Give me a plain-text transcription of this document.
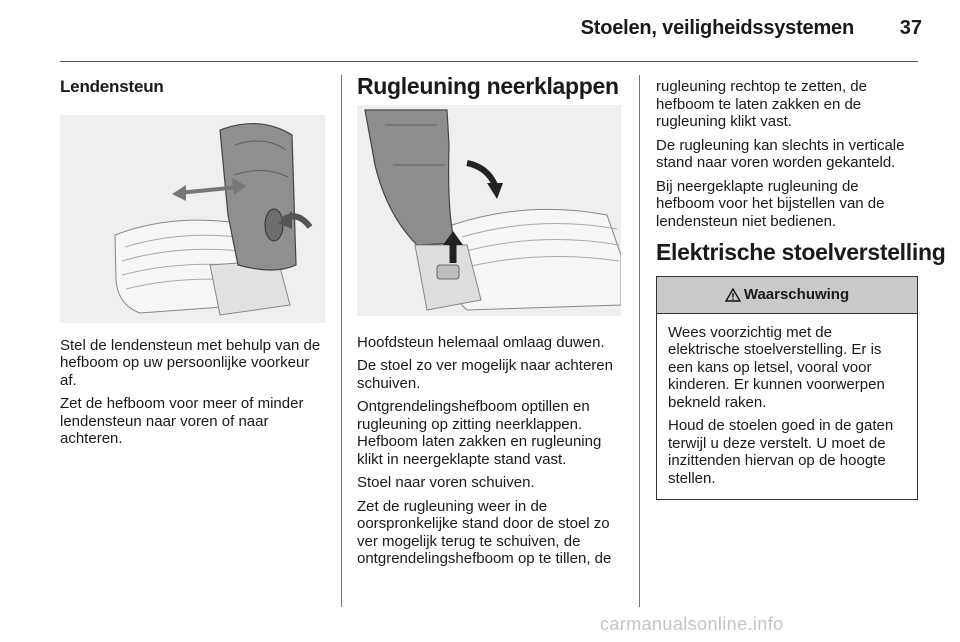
Stoelen, veiligheidssystemen 37
Lendensteun

Stel de lendensteun met behulp van de hefboom op uw persoonlijke voorkeur af.

Zet de hefboom voor meer of minder lendensteun naar voren of naar achteren.

Rugleuning neerklappen

Hoofdsteun helemaal omlaag duwen.

De stoel zo ver mogelijk naar achteren schuiven.

Ontgrendelingshefboom optillen en rugleuning op zitting neerklappen. Hefboom laten zakken en rugleuning klikt in neergeklapte stand vast.

Stoel naar voren schuiven.

Zet de rugleuning weer in de oorspronkelijke stand door de stoel zo ver mogelijk terug te schuiven, de ontgrendelingshefboom op te tillen, de

rugleuning rechtop te zetten, de hefboom te laten zakken en de rugleuning klikt vast.

De rugleuning kan slechts in verticale stand naar voren worden gekanteld.

Bij neergeklapte rugleuning de hefboom voor het bijstellen van de lendensteun niet bedienen.

Elektrische stoelverstelling
Waarschuwing

Wees voorzichtig met de elektrische stoelverstelling. Er is een kans op letsel, vooral voor kinderen. Er kunnen voorwerpen bekneld raken.

Houd de stoelen goed in de gaten terwijl u deze verstelt. U moet de inzittenden hiervan op de hoogte stellen.

carmanualsonline.info
